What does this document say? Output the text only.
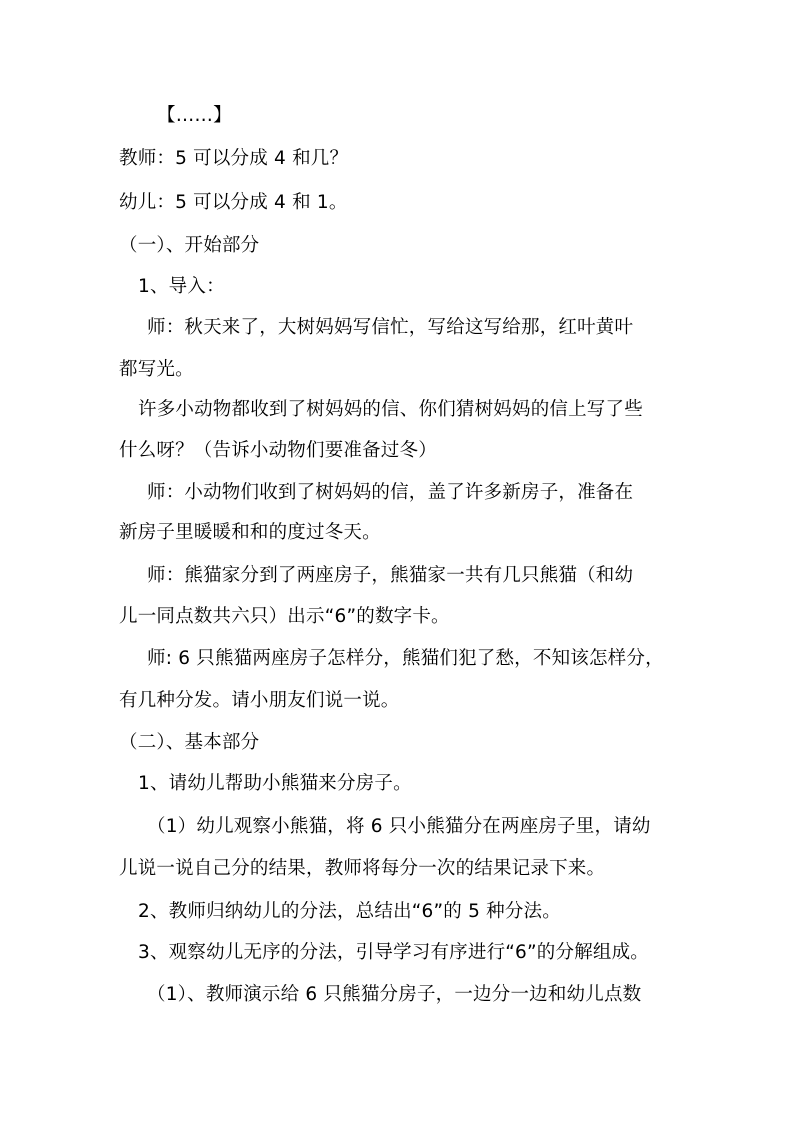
【……】
教师：5 可以分成 4 和几？
幼儿：5 可以分成 4 和 1。
（一）、开始部分
1、导入：
师：秋天来了，大树妈妈写信忙，写给这写给那，红叶黄叶
都写光。
许多小动物都收到了树妈妈的信、你们猜树妈妈的信上写了些
什么呀？（告诉小动物们要准备过冬）
师：小动物们收到了树妈妈的信，盖了许多新房子，准备在
新房子里暖暖和和的度过冬天。
师：熊猫家分到了两座房子，熊猫家一共有几只熊猫（和幼
儿一同点数共六只）出示“6”的数字卡。
师: 6 只熊猫两座房子怎样分，熊猫们犯了愁，不知该怎样分，
有几种分发。请小朋友们说一说。
（二）、基本部分
1、请幼儿帮助小熊猫来分房子。
（1）幼儿观察小熊猫，将 6 只小熊猫分在两座房子里，请幼
儿说一说自己分的结果，教师将每分一次的结果记录下来。
2、教师归纳幼儿的分法，总结出“6”的 5 种分法。
3、观察幼儿无序的分法，引导学习有序进行“6”的分解组成。
（1）、教师演示给 6 只熊猫分房子，一边分一边和幼儿点数
